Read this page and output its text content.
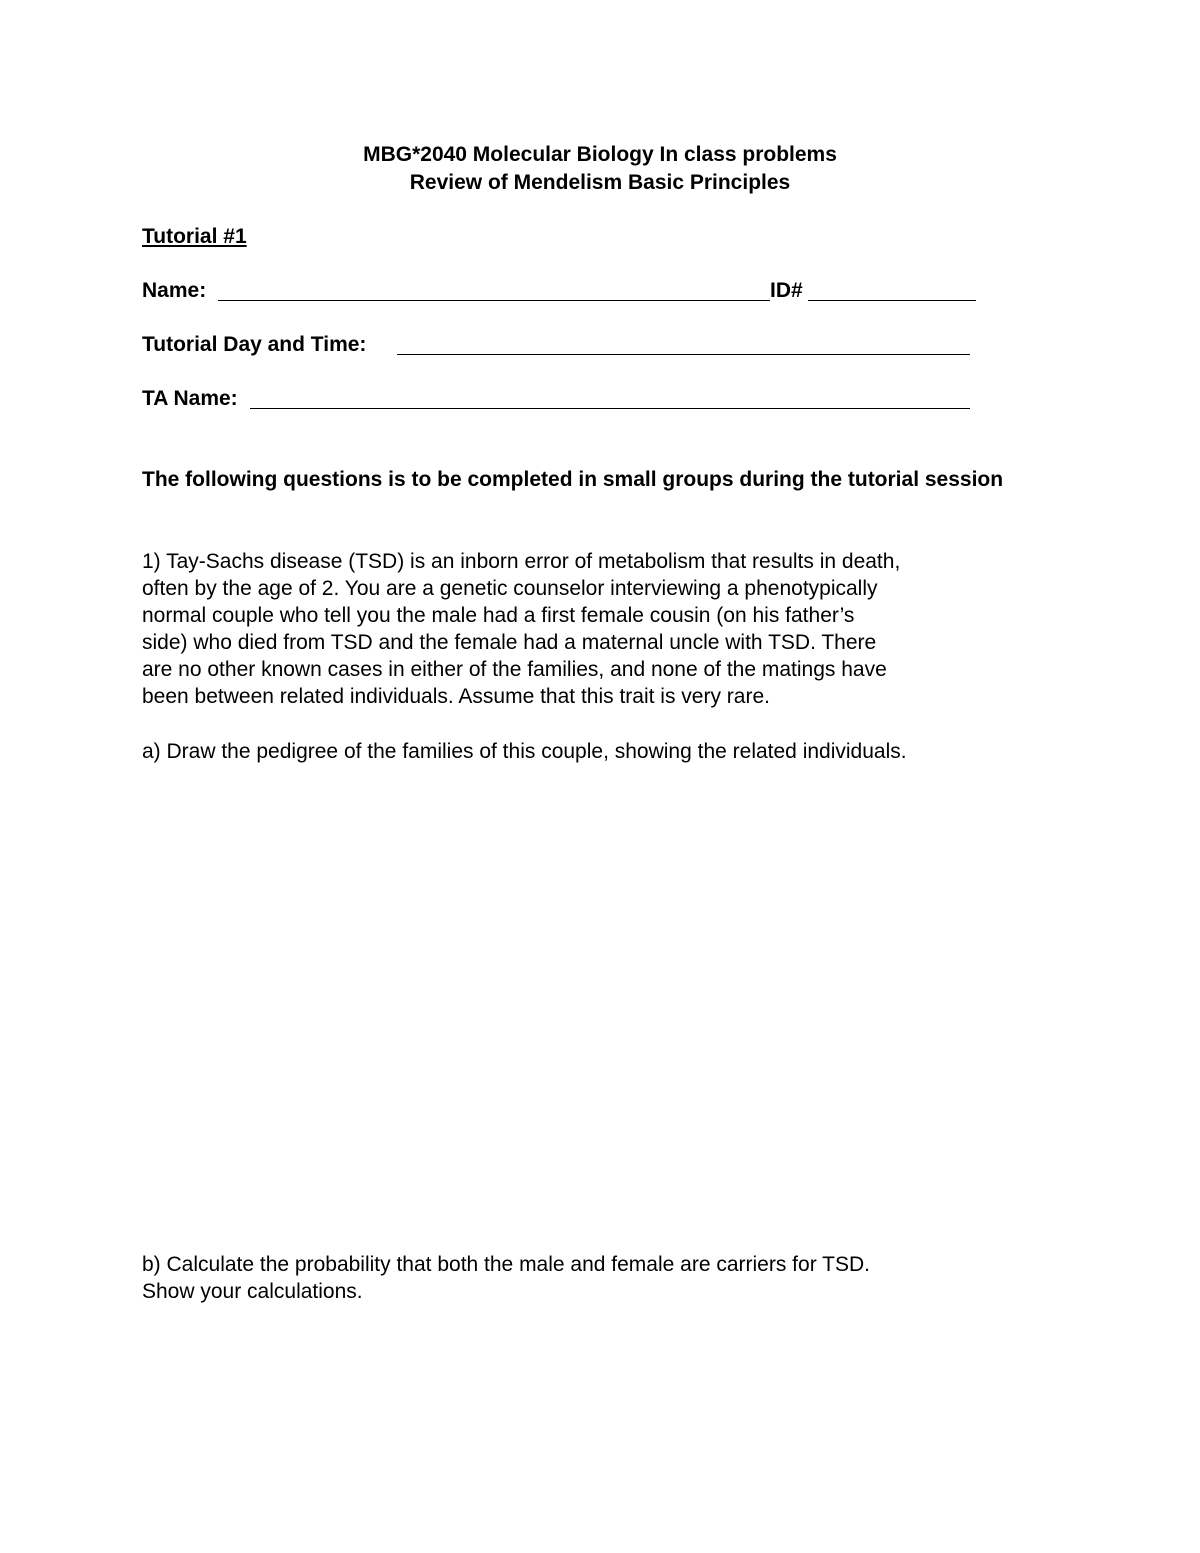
MBG*2040 Molecular Biology In class problems
Review of Mendelism Basic Principles
Tutorial #1
Name:	ID#
Tutorial Day and Time:
TA Name:
The following questions is to be completed in small groups during the tutorial session
1) Tay-Sachs disease (TSD) is an inborn error of metabolism that results in death,
often by the age of 2. You are a genetic counselor interviewing a phenotypically
normal couple who tell you the male had a first female cousin (on his father’s
side) who died from TSD and the female had a maternal uncle with TSD. There
are no other known cases in either of the families, and none of the matings have
been between related individuals. Assume that this trait is very rare.
a) Draw the pedigree of the families of this couple, showing the related individuals.
b) Calculate the probability that both the male and female are carriers for TSD.
Show your calculations.
